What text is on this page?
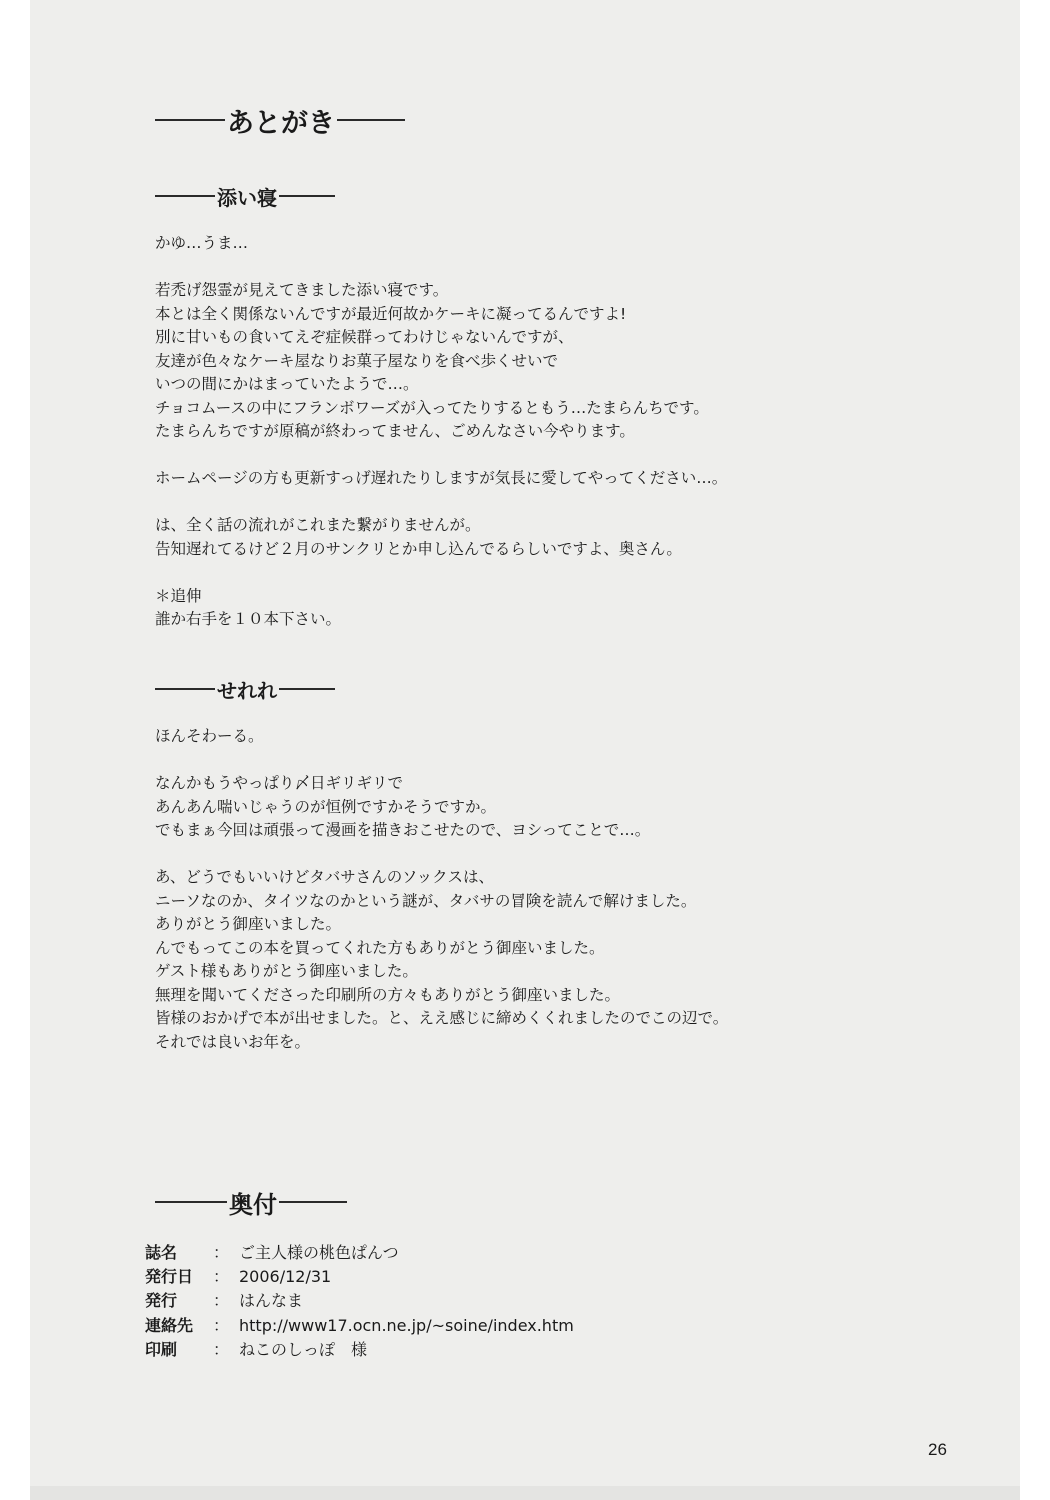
あとがき
添い寝
かゆ…うま…
若禿げ怨霊が見えてきました添い寝です。
本とは全く関係ないんですが最近何故かケーキに凝ってるんですよ!
別に甘いもの食いてえぞ症候群ってわけじゃないんですが、
友達が色々なケーキ屋なりお菓子屋なりを食べ歩くせいで
いつの間にかはまっていたようで…。
チョコムースの中にフランボワーズが入ってたりするともう…たまらんちです。
たまらんちですが原稿が終わってません、ごめんなさい今やります。
ホームページの方も更新すっげ遅れたりしますが気長に愛してやってください…。
は、全く話の流れがこれまた繋がりませんが。
告知遅れてるけど２月のサンクリとか申し込んでるらしいですよ、奥さん。
＊追伸
誰か右手を１０本下さい。
せれれ
ほんそわーる。
なんかもうやっぱり〆日ギリギリで
あんあん喘いじゃうのが恒例ですかそうですか。
でもまぁ今回は頑張って漫画を描きおこせたので、ヨシってことで…。
あ、どうでもいいけどタバサさんのソックスは、
ニーソなのか、タイツなのかという謎が、タバサの冒険を読んで解けました。
ありがとう御座いました。
んでもってこの本を買ってくれた方もありがとう御座いました。
ゲスト様もありがとう御座いました。
無理を聞いてくださった印刷所の方々もありがとう御座いました。
皆様のおかげで本が出せました。と、ええ感じに締めくくれましたのでこの辺で。
それでは良いお年を。
奥付
誌名	： ご主人様の桃色ぱんつ
発行日	： 2006/12/31
発行	： はんなま
連絡先	： http://www17.ocn.ne.jp/~soine/index.htm
印刷	： ねこのしっぽ　様
26
